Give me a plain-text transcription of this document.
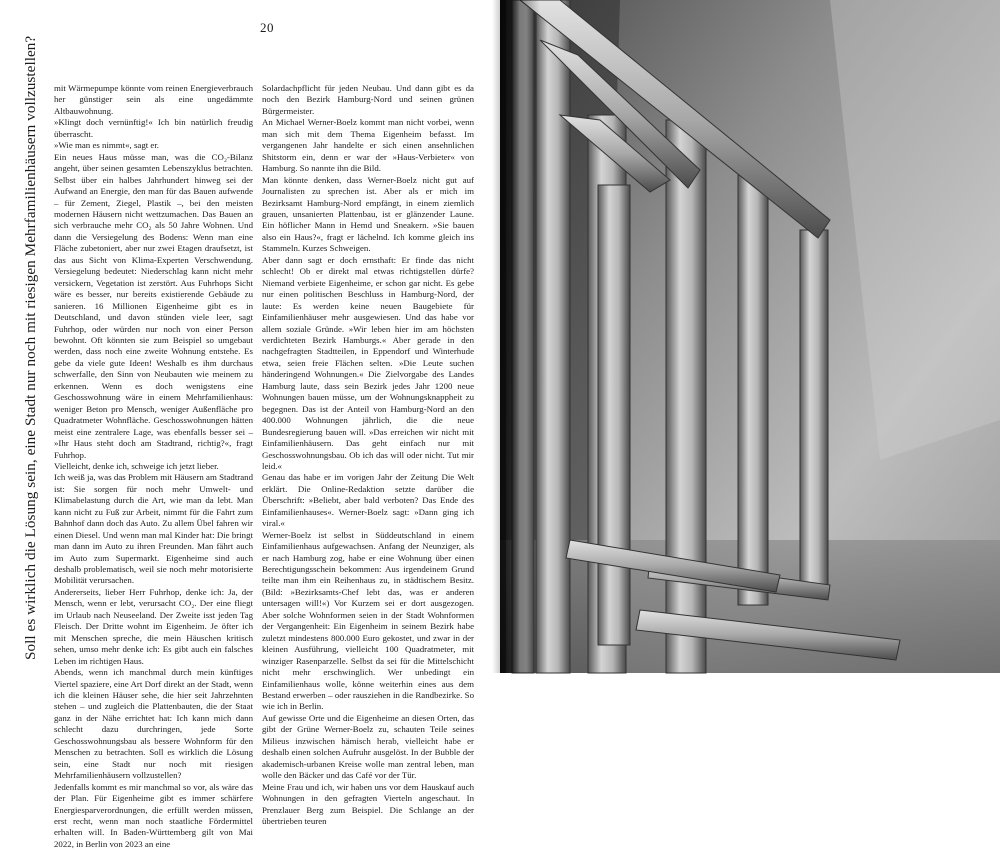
20
Soll es wirklich die Lösung sein, eine Stadt nur noch mit riesigen Mehrfamilienhäusern vollzustellen?	mit Wärmepumpe könnte vom reinen Energieverbrauch her günstiger sein als eine ungedämmte Altbauwohnung.

»Klingt doch vernünftig!« Ich bin natürlich freudig überrascht.

»Wie man es nimmt«, sagt er.

Ein neues Haus müsse man, was die CO₂-Bilanz angeht, über seinen gesamten Lebenszyklus betrachten. Selbst über ein halbes Jahrhundert hinweg sei der Aufwand an Energie, den man für das Bauen aufwende – für Zement, Ziegel, Plastik –, bei den meisten modernen Häusern nicht wettzumachen. Das Bauen an sich verbrauche mehr CO₂ als 50 Jahre Wohnen. Und dann die Versiegelung des Bodens: Wenn man eine Fläche zubetoniert, aber nur zwei Etagen draufsetzt, ist das aus Sicht von Klima-Experten Verschwendung. Versiegelung bedeutet: Niederschlag kann nicht mehr versickern, Vegetation ist zerstört. Aus Fuhrhops Sicht wäre es besser, nur bereits existierende Gebäude zu sanieren. 16 Millionen Eigenheime gibt es in Deutschland, und davon stünden viele leer, sagt Fuhrhop, oder würden nur noch von einer Person bewohnt. Oft könnten sie zum Beispiel so umgebaut werden, dass noch eine zweite Wohnung entstehe. Es gebe da viele gute Ideen! Weshalb es ihm durchaus schwerfalle, den Sinn von Neubauten wie meinem zu erkennen. Wenn es doch wenigstens eine Geschosswohnung wäre in einem Mehrfamilienhaus: weniger Beton pro Mensch, weniger Außenfläche pro Quadratmeter Wohnfläche. Geschosswohnungen hätten meist eine zentralere Lage, was ebenfalls besser sei – »Ihr Haus steht doch am Stadtrand, richtig?«, fragt Fuhrhop.

Vielleicht, denke ich, schweige ich jetzt lieber.

Ich weiß ja, was das Problem mit Häusern am Stadtrand ist: Sie sorgen für noch mehr Umwelt- und Klimabelastung durch die Art, wie man da lebt. Man kann nicht zu Fuß zur Arbeit, nimmt für die Fahrt zum Bahnhof dann doch das Auto. Zu allem Übel fahren wir einen Diesel. Und wenn man mal Kinder hat: Die bringt man dann im Auto zu ihren Freunden. Man fährt auch im Auto zum Supermarkt. Eigenheime sind auch deshalb problematisch, weil sie noch mehr motorisierte Mobilität verursachen.

Andererseits, lieber Herr Fuhrhop, denke ich: Ja, der Mensch, wenn er lebt, verursacht CO₂. Der eine fliegt im Urlaub nach Neuseeland. Der Zweite isst jeden Tag Fleisch. Der Dritte wohnt im Eigenheim. Je öfter ich mit Menschen spreche, die mein Häuschen kritisch sehen, umso mehr denke ich: Es gibt auch ein falsches Leben im richtigen Haus.

Abends, wenn ich manchmal durch mein künftiges Viertel spaziere, eine Art Dorf direkt an der Stadt, wenn ich die kleinen Häuser sehe, die hier seit Jahrzehnten stehen – und zugleich die Plattenbauten, die der Staat ganz in der Nähe errichtet hat: Ich kann mich dann schlecht dazu durchringen, jede Sorte Geschosswohnungsbau als bessere Wohnform für den Menschen zu betrachten. Soll es wirklich die Lösung sein, eine Stadt nur noch mit riesigen Mehrfamilienhäusern vollzustellen?

Jedenfalls kommt es mir manchmal so vor, als wäre das der Plan. Für Eigenheime gibt es immer schärfere Energiesparverordnungen, die erfüllt werden müssen, erst recht, wenn man noch staatliche Fördermittel erhalten will. In Baden-Württemberg gilt von Mai 2022, in Berlin von 2023 an eine

Solardachpflicht für jeden Neubau. Und dann gibt es da noch den Bezirk Hamburg-Nord und seinen grünen Bürgermeister.

An Michael Werner-Boelz kommt man nicht vorbei, wenn man sich mit dem Thema Eigenheim befasst. Im vergangenen Jahr handelte er sich einen ansehnlichen Shitstorm ein, denn er war der »Haus-Verbieter« von Hamburg. So nannte ihn die Bild.

Man könnte denken, dass Werner-Boelz nicht gut auf Journalisten zu sprechen ist. Aber als er mich im Bezirksamt Hamburg-Nord empfängt, in einem ziemlich grauen, unsanierten Plattenbau, ist er glänzender Laune. Ein höflicher Mann in Hemd und Sneakern. »Sie bauen also ein Haus?«, fragt er lächelnd. Ich komme gleich ins Stammeln. Kurzes Schweigen.

Aber dann sagt er doch ernsthaft: Er finde das nicht schlecht! Ob er direkt mal etwas richtigstellen dürfe? Niemand verbiete Eigenheime, er schon gar nicht. Es gebe nur einen politischen Beschluss in Hamburg-Nord, der laute: Es werden keine neuen Baugebiete für Einfamilienhäuser mehr ausgewiesen. Und das habe vor allem soziale Gründe. »Wir leben hier im am höchsten verdichteten Bezirk Hamburgs.« Aber gerade in den nachgefragten Stadtteilen, in Eppendorf und Winterhude etwa, seien freie Flächen selten. »Die Leute suchen händeringend Wohnungen.« Die Zielvorgabe des Landes Hamburg laute, dass sein Bezirk jedes Jahr 1200 neue Wohnungen bauen müsse, um der Wohnungsknappheit zu begegnen. Das ist der Anteil von Hamburg-Nord an den 400.000 Wohnungen jährlich, die die neue Bundesregierung bauen will. »Das erreichen wir nicht mit Einfamilienhäusern. Das geht einfach nur mit Geschosswohnungsbau. Ob ich das will oder nicht. Tut mir leid.«

Genau das habe er im vorigen Jahr der Zeitung Die Welt erklärt. Die Online-Redaktion setzte darüber die Überschrift: »Beliebt, aber bald verboten? Das Ende des Einfamilienhauses«. Werner-Boelz sagt: »Dann ging ich viral.«

Werner-Boelz ist selbst in Süddeutschland in einem Einfamilienhaus aufgewachsen. Anfang der Neunziger, als er nach Hamburg zog, habe er eine Wohnung über einen Berechtigungsschein bekommen: Aus irgendeinem Grund teilte man ihm ein Reihenhaus zu, in städtischem Besitz. (Bild: »Bezirksamts-Chef lebt das, was er anderen untersagen will!«) Vor Kurzem sei er dort ausgezogen. Aber solche Wohnformen seien in der Stadt Wohnformen der Vergangenheit: Ein Eigenheim in seinem Bezirk habe zuletzt mindestens 800.000 Euro gekostet, und zwar in der kleinen Ausführung, vielleicht 100 Quadratmeter, mit winziger Rasenparzelle. Selbst da sei für die Mittelschicht nicht mehr erschwinglich. Wer unbedingt ein Einfamilienhaus wolle, könne weiterhin eines aus dem Bestand erwerben – oder rausziehen in die Randbezirke. So wie ich in Berlin.

Auf gewisse Orte und die Eigenheime an diesen Orten, das gibt der Grüne Werner-Boelz zu, schauten Teile seines Milieus inzwischen hämisch herab, vielleicht habe er deshalb einen solchen Aufruhr ausgelöst. In der Bubble der akademisch-urbanen Kreise wolle man zentral leben, man wolle den Bäcker und das Café vor der Tür.

Meine Frau und ich, wir haben uns vor dem Hauskauf auch Wohnungen in den gefragten Vierteln angeschaut. In Prenzlauer Berg zum Beispiel. Die Schlange an der übertrieben teuren
